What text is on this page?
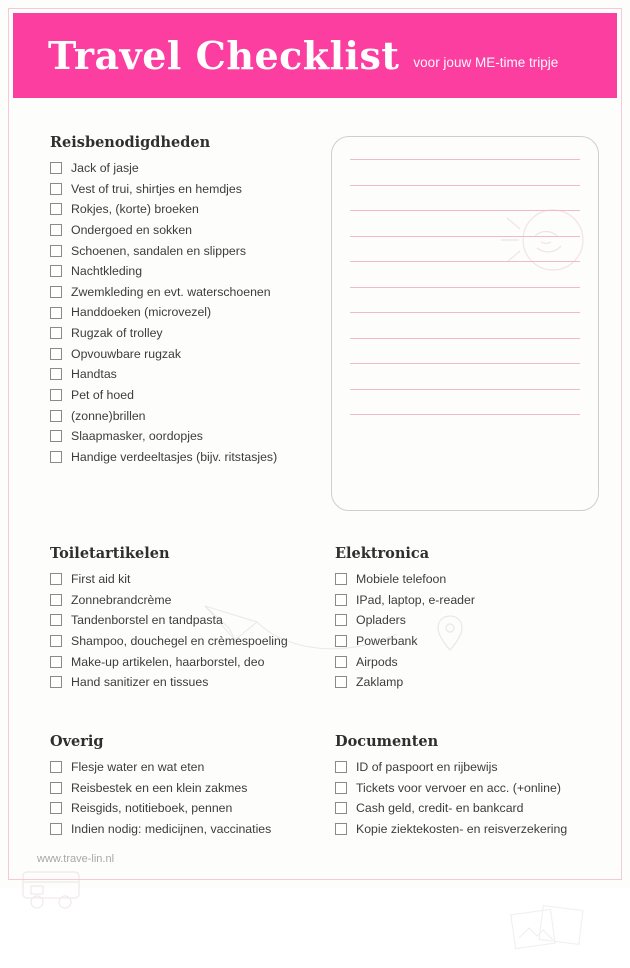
Travel Checklist voor jouw ME-time tripje
Reisbenodigdheden
Jack of jasje
Vest of trui, shirtjes en hemdjes
Rokjes, (korte) broeken
Ondergoed en sokken
Schoenen, sandalen en slippers
Nachtkleding
Zwemkleding en evt. waterschoenen
Handdoeken (microvezel)
Rugzak of trolley
Opvouwbare rugzak
Handtas
Pet of hoed
(zonne)brillen
Slaapmasker, oordopjes
Handige verdeeltasjes (bijv. ritstasjes)
Toiletartikelen
First aid kit
Zonnebrandcrème
Tandenborstel en tandpasta
Shampoo, douchegel en crèmespoeling
Make-up artikelen, haarborstel, deo
Hand sanitizer en tissues
Elektronica
Mobiele telefoon
IPad, laptop, e-reader
Opladers
Powerbank
Airpods
Zaklamp
Overig
Flesje water en wat eten
Reisbestek en een klein zakmes
Reisgids, notitieboek, pennen
Indien nodig: medicijnen, vaccinaties
Documenten
ID of paspoort en rijbewijs
Tickets voor vervoer en acc. (+online)
Cash geld, credit- en bankcard
Kopie ziektekosten- en reisverzekering
www.trave-lin.nl
